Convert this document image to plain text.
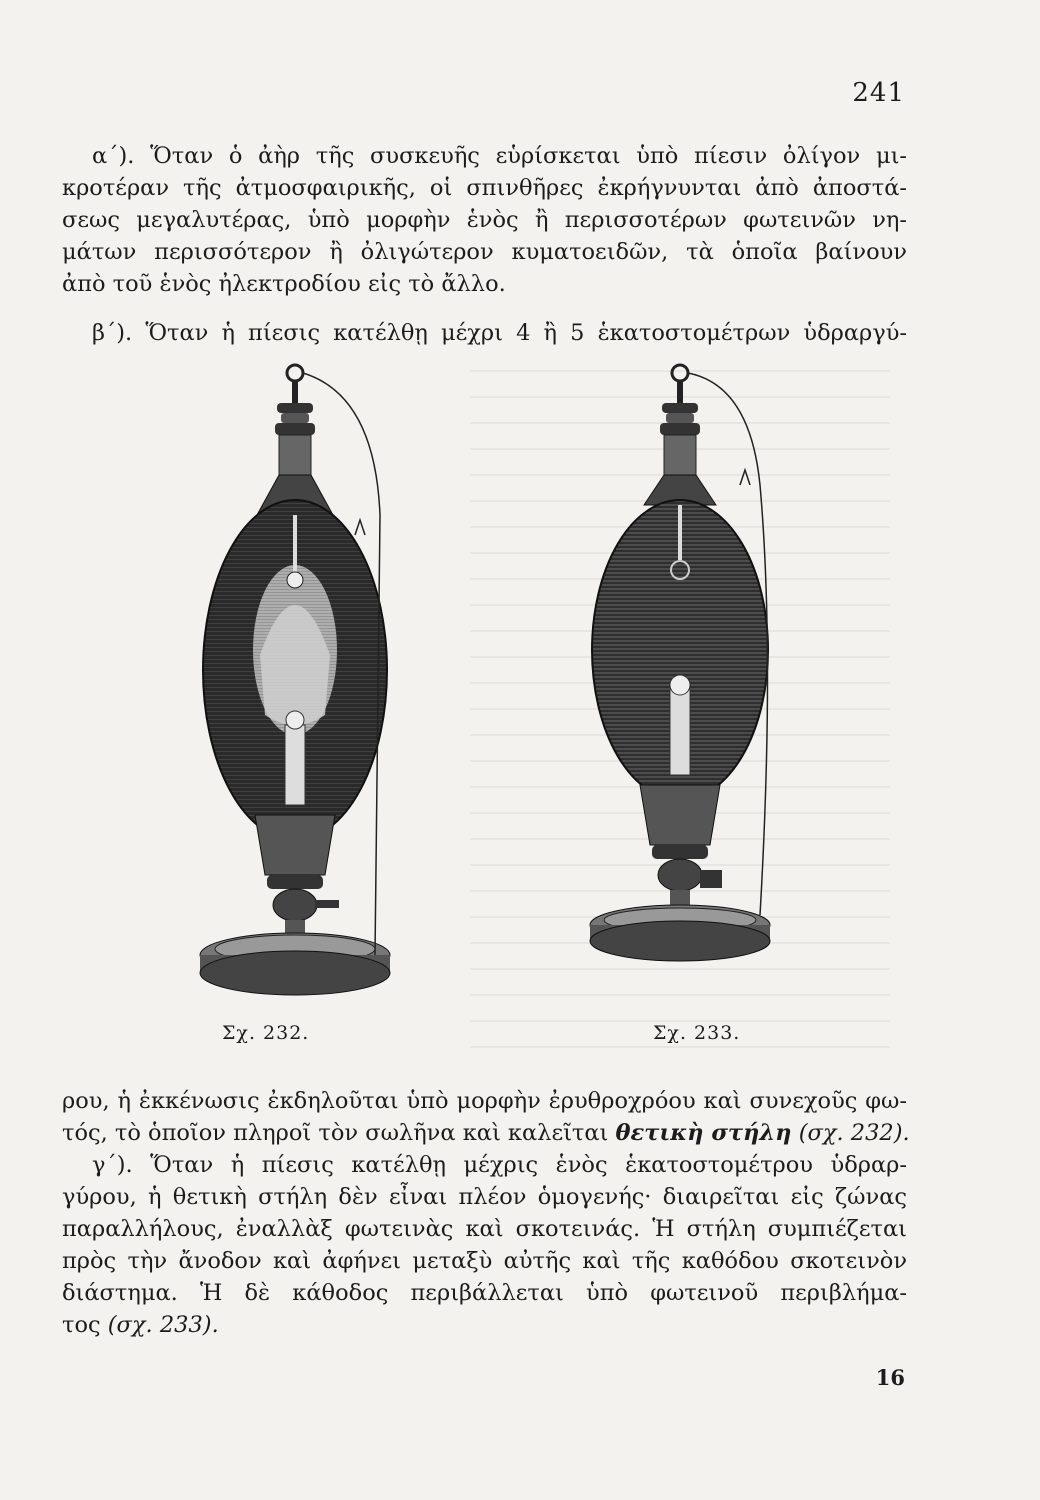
241
α΄). Ὅταν ὁ ἀὴρ τῆς συσκευῆς εὑρίσκεται ὑπὸ πίεσιν ὀλίγον μι-
κροτέραν τῆς ἀτμοσφαιρικῆς, οἱ σπινθῆρες ἐκρήγνυνται ἀπὸ ἀποστά-
σεως μεγαλυτέρας, ὑπὸ μορφὴν ἑνὸς ἢ περισσοτέρων φωτεινῶν νη-
μάτων περισσότερον ἢ ὀλιγώτερον κυματοειδῶν, τὰ ὁποῖα βαίνουν
ἀπὸ τοῦ ἑνὸς ἠλεκτροδίου εἰς τὸ ἄλλο.
β΄). Ὅταν ἡ πίεσις κατέλθῃ μέχρι 4 ἢ 5 ἑκατοστομέτρων ὑδραργύ-
Σχ. 232.	Σχ. 233.
ρου, ἡ ἐκκένωσις ἐκδηλοῦται ὑπὸ μορφὴν ἐρυθροχρόου καὶ συνεχοῦς φω-
τός, τὸ ὁποῖον πληροῖ τὸν σωλῆνα καὶ καλεῖται θετικὴ στήλη (σχ. 232).
γ΄). Ὅταν ἡ πίεσις κατέλθῃ μέχρις ἑνὸς ἑκατοστομέτρου ὑδραρ-
γύρου, ἡ θετικὴ στήλη δὲν εἶναι πλέον ὁμογενής· διαιρεῖται εἰς ζώνας
παραλλήλους, ἐναλλὰξ φωτεινὰς καὶ σκοτεινάς. Ἡ στήλη συμπιέζεται
πρὸς τὴν ἄνοδον καὶ ἀφήνει μεταξὺ αὐτῆς καὶ τῆς καθόδου σκοτεινὸν
διάστημα. Ἡ δὲ κάθοδος περιβάλλεται ὑπὸ φωτεινοῦ περιβλήμα-
τος (σχ. 233).
16
